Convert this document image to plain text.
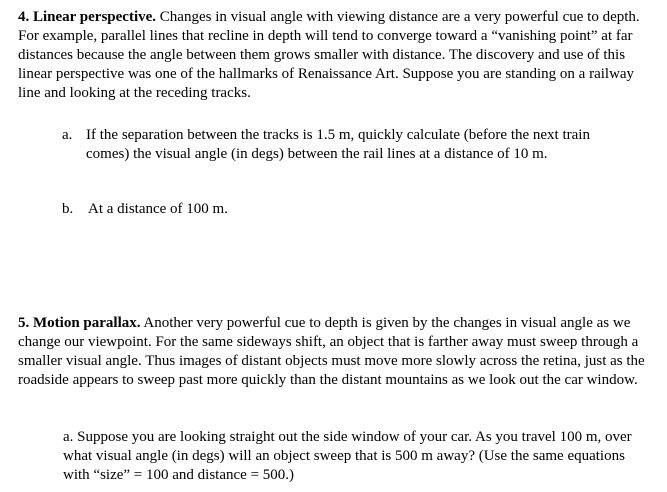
4. Linear perspective. Changes in visual angle with viewing distance are a very powerful cue to depth. For example, parallel lines that recline in depth will tend to converge toward a “vanishing point” at far distances because the angle between them grows smaller with distance. The discovery and use of this linear perspective was one of the hallmarks of Renaissance Art. Suppose you are standing on a railway line and looking at the receding tracks.

a. If the separation between the tracks is 1.5 m, quickly calculate (before the next train comes) the visual angle (in degs) between the rail lines at a distance of 10 m.
b. At a distance of 100 m.

5. Motion parallax. Another very powerful cue to depth is given by the changes in visual angle as we change our viewpoint. For the same sideways shift, an object that is farther away must sweep through a smaller visual angle. Thus images of distant objects must move more slowly across the retina, just as the roadside appears to sweep past more quickly than the distant mountains as we look out the car window.

a. Suppose you are looking straight out the side window of your car. As you travel 100 m, over what visual angle (in degs) will an object sweep that is 500 m away? (Use the same equations with “size” = 100 and distance = 500.)
